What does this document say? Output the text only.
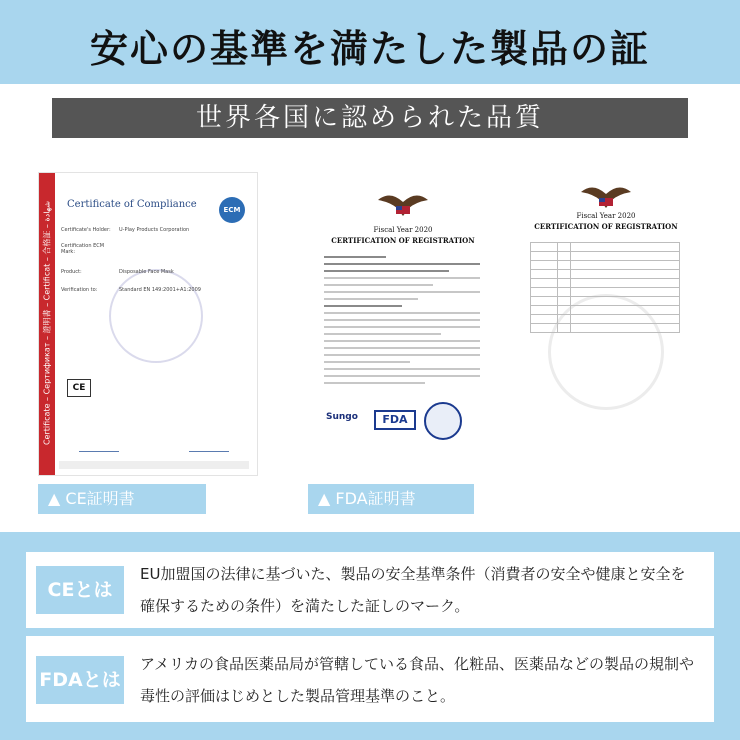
安心の基準を満たした製品の証
世界各国に認められた品質
Certificate – Сертификат – 證明書 – Certificat – 合格証 – شهادة Certificate of Compliance	ECM
Certificate's Holder:	U-Play Products Corporation
Certification ECM Mark:
Product:	Disposable Face Mask
Verification to:	Standard EN 149:2001+A1:2009
CE
Fiscal Year 2020
CERTIFICATION OF REGISTRATION
Sungo	FDA
Fiscal Year 2020
CERTIFICATION OF REGISTRATION
▲ CE証明書	▲ FDA証明書
CEとは
EU加盟国の法律に基づいた、製品の安全基準条件（消費者の安全や健康と安全を確保するための条件）を満たした証しのマーク。
FDAとは
アメリカの食品医薬品局が管轄している食品、化粧品、医薬品などの製品の規制や毒性の評価はじめとした製品管理基準のこと。
